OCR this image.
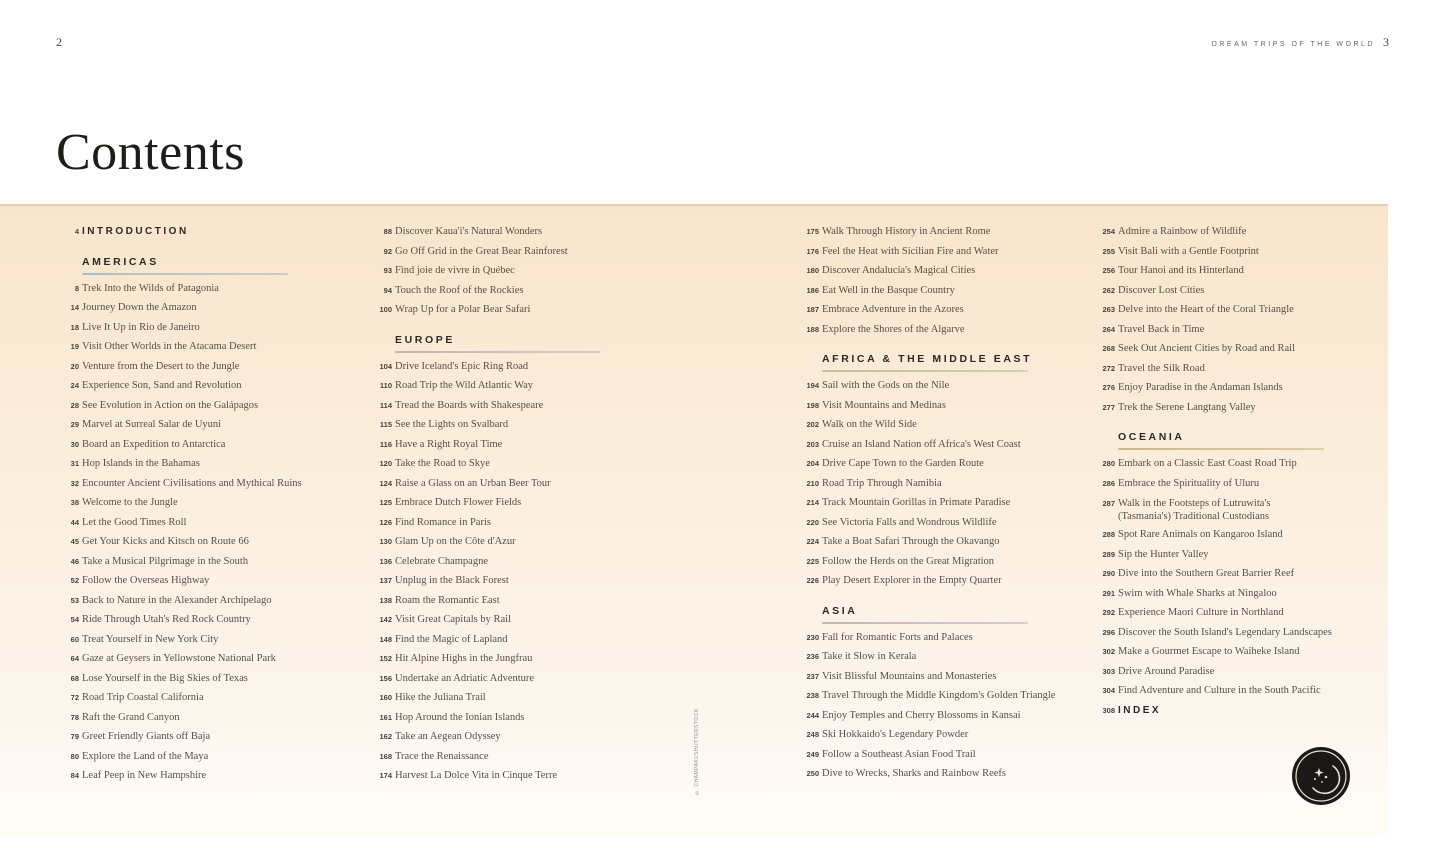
2	DREAM TRIPS OF THE WORLD 3
Contents
4 INTRODUCTION
AMERICAS
8 Trek Into the Wilds of Patagonia
14 Journey Down the Amazon
18 Live It Up in Rio de Janeiro
19 Visit Other Worlds in the Atacama Desert
20 Venture from the Desert to the Jungle
24 Experience Son, Sand and Revolution
28 See Evolution in Action on the Galápagos
29 Marvel at Surreal Salar de Uyuni
30 Board an Expedition to Antarctica
31 Hop Islands in the Bahamas
32 Encounter Ancient Civilisations and Mythical Ruins
38 Welcome to the Jungle
44 Let the Good Times Roll
45 Get Your Kicks and Kitsch on Route 66
46 Take a Musical Pilgrimage in the South
52 Follow the Overseas Highway
53 Back to Nature in the Alexander Archipelago
54 Ride Through Utah's Red Rock Country
60 Treat Yourself in New York City
64 Gaze at Geysers in Yellowstone National Park
68 Lose Yourself in the Big Skies of Texas
72 Road Trip Coastal California
78 Raft the Grand Canyon
79 Greet Friendly Giants off Baja
80 Explore the Land of the Maya
84 Leaf Peep in New Hampshire
88 Discover Kaua'i's Natural Wonders
92 Go Off Grid in the Great Bear Rainforest
93 Find joie de vivre in Québec
94 Touch the Roof of the Rockies
100 Wrap Up for a Polar Bear Safari
EUROPE
104 Drive Iceland's Epic Ring Road
110 Road Trip the Wild Atlantic Way
114 Tread the Boards with Shakespeare
115 See the Lights on Svalbard
116 Have a Right Royal Time
120 Take the Road to Skye
124 Raise a Glass on an Urban Beer Tour
125 Embrace Dutch Flower Fields
126 Find Romance in Paris
130 Glam Up on the Côte d'Azur
136 Celebrate Champagne
137 Unplug in the Black Forest
138 Roam the Romantic East
142 Visit Great Capitals by Rail
148 Find the Magic of Lapland
152 Hit Alpine Highs in the Jungfrau
156 Undertake an Adriatic Adventure
160 Hike the Juliana Trail
161 Hop Around the Ionian Islands
162 Take an Aegean Odyssey
168 Trace the Renaissance
174 Harvest La Dolce Vita in Cinque Terre
175 Walk Through History in Ancient Rome
176 Feel the Heat with Sicilian Fire and Water
180 Discover Andalucía's Magical Cities
186 Eat Well in the Basque Country
187 Embrace Adventure in the Azores
188 Explore the Shores of the Algarve
AFRICA & THE MIDDLE EAST
194 Sail with the Gods on the Nile
198 Visit Mountains and Medinas
202 Walk on the Wild Side
203 Cruise an Island Nation off Africa's West Coast
204 Drive Cape Town to the Garden Route
210 Road Trip Through Namibia
214 Track Mountain Gorillas in Primate Paradise
220 See Victoria Falls and Wondrous Wildlife
224 Take a Boat Safari Through the Okavango
225 Follow the Herds on the Great Migration
226 Play Desert Explorer in the Empty Quarter
ASIA
230 Fall for Romantic Forts and Palaces
236 Take it Slow in Kerala
237 Visit Blissful Mountains and Monasteries
238 Travel Through the Middle Kingdom's Golden Triangle
244 Enjoy Temples and Cherry Blossoms in Kansai
248 Ski Hokkaido's Legendary Powder
249 Follow a Southeast Asian Food Trail
250 Dive to Wrecks, Sharks and Rainbow Reefs
254 Admire a Rainbow of Wildlife
255 Visit Bali with a Gentle Footprint
256 Tour Hanoi and its Hinterland
262 Discover Lost Cities
263 Delve into the Heart of the Coral Triangle
264 Travel Back in Time
268 Seek Out Ancient Cities by Road and Rail
272 Travel the Silk Road
276 Enjoy Paradise in the Andaman Islands
277 Trek the Serene Langtang Valley
OCEANIA
280 Embark on a Classic East Coast Road Trip
286 Embrace the Spirituality of Uluru
287 Walk in the Footsteps of Lutruwita's (Tasmania's) Traditional Custodians
288 Spot Rare Animals on Kangaroo Island
289 Sip the Hunter Valley
290 Dive into the Southern Great Barrier Reef
291 Swim with Whale Sharks at Ningaloo
292 Experience Maori Culture in Northland
296 Discover the South Island's Legendary Landscapes
302 Make a Gourmet Escape to Waiheke Island
303 Drive Around Paradise
304 Find Adventure and Culture in the South Pacific
308 INDEX
© CHAMPAKI/SHUTTERSTOCK
